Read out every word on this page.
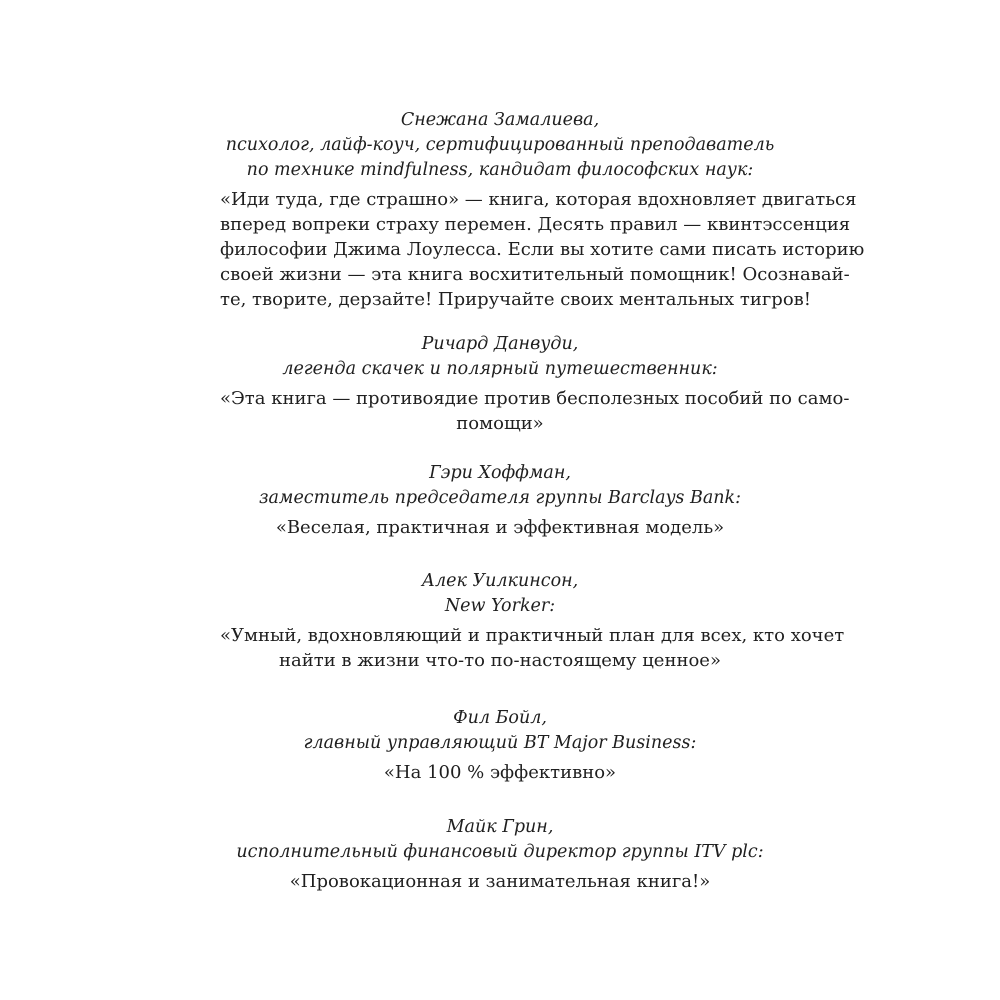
Снежана Замалиева,
психолог, лайф-коуч, сертифицированный преподаватель
по технике mindfulness, кандидат философских наук:

«Иди туда, где страшно» — книга, которая вдохновляет двигаться
вперед вопреки страху перемен. Десять правил — квинтэссенция
философии Джима Лоулесса. Если вы хотите сами писать историю
своей жизни — эта книга восхитительный помощник! Осознавай-
те, творите, дерзайте! Приручайте своих ментальных тигров!

Ричард Данвуди,
легенда скачек и полярный путешественник:

«Эта книга — противоядие против бесполезных пособий по само-
помощи»

Гэри Хоффман,
заместитель председателя группы Barclays Bank:

«Веселая, практичная и эффективная модель»

Алек Уилкинсон,
New Yorker:

«Умный, вдохновляющий и практичный план для всех, кто хочет
найти в жизни что-то по-настоящему ценное»

Фил Бойл,
главный управляющий BT Major Business:

«На 100 % эффективно»

Майк Грин,
исполнительный финансовый директор группы ITV plc:

«Провокационная и занимательная книга!»
